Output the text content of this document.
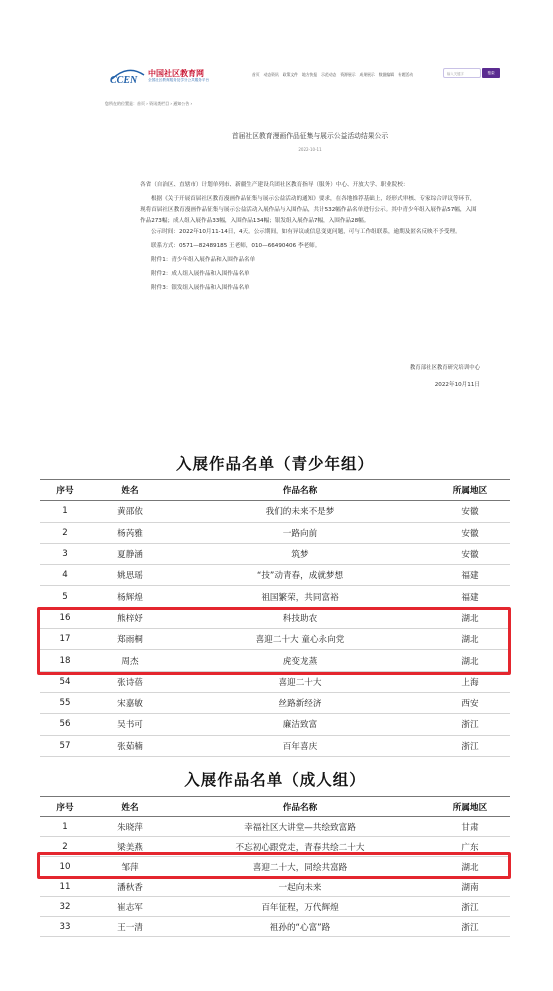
CCEN
中国社区教育网
全国社区教育服务及学分公共服务平台
首页 动态资讯 政策文件 地方快报 示范动态 资源展示 成果展示 数据编辑 专题活动	输入关键字	搜索
您所在的位置是：首页 › 资讯类栏目 › 通知公告 ›
首届社区教育漫画作品征集与展示公益活动结果公示
2022-10-11

各省（自治区、直辖市）计划单列市、新疆生产建设兵团社区教育指导（服务）中心、开放大学、职业院校：

根据《关于开展首届社区教育漫画作品征集与展示公益活动的通知》要求，在各地推荐基础上，经形式审核、专家综合评议等环节，现将首届社区教育漫画作品征集与展示公益活动入展作品与入围作品，共计532幅作品名单进行公示。其中青少年组入展作品57幅，入围作品273幅；成人组入展作品33幅，入围作品134幅；银发组入展作品7幅，入围作品28幅。

公示时间：2022年10月11-14日，4天。公示期间，如有异议或信息变更问题，可与工作组联系，逾期及匿名反映不予受理。

联系方式：0571—82489185 王老师，010—66490406 李老师。

附件1：青少年组入展作品和入围作品名单

附件2：成人组入展作品和入围作品名单

附件3：银发组入展作品和入围作品名单

教育部社区教育研究培训中心
2022年10月11日
入展作品名单（青少年组）
序号	姓名	作品名称	所属地区
1	黄邵依	我们的未来不是梦	安徽
2	杨芮雅	一路向前	安徽
3	夏静涵	筑梦	安徽
4	姚思瑶	“技”动青春，成就梦想	福建
5	杨辉煌	祖国繁荣，共同富裕	福建
16	熊梓妤	科技助农	湖北
17	郑雨桐	喜迎二十大 童心永向党	湖北
18	周杰	虎变龙蒸	湖北
54	张诗蓓	喜迎二十大	上海
55	宋嘉敏	丝路新经济	西安
56	吴书可	廉洁致富	浙江
57	张茹楠	百年喜庆	浙江
入展作品名单（成人组）
序号	姓名	作品名称	所属地区
1	朱晓萍	幸福社区大讲堂—共绘致富路	甘肃
2	梁美燕	不忘初心跟党走，青春共绘二十大	广东
10	邹萍	喜迎二十大，同绘共富路	湖北
11	潘秋香	一起向未来	湖南
32	崔志军	百年征程，万代辉煌	浙江
33	王一清	祖孙的“心富”路	浙江
